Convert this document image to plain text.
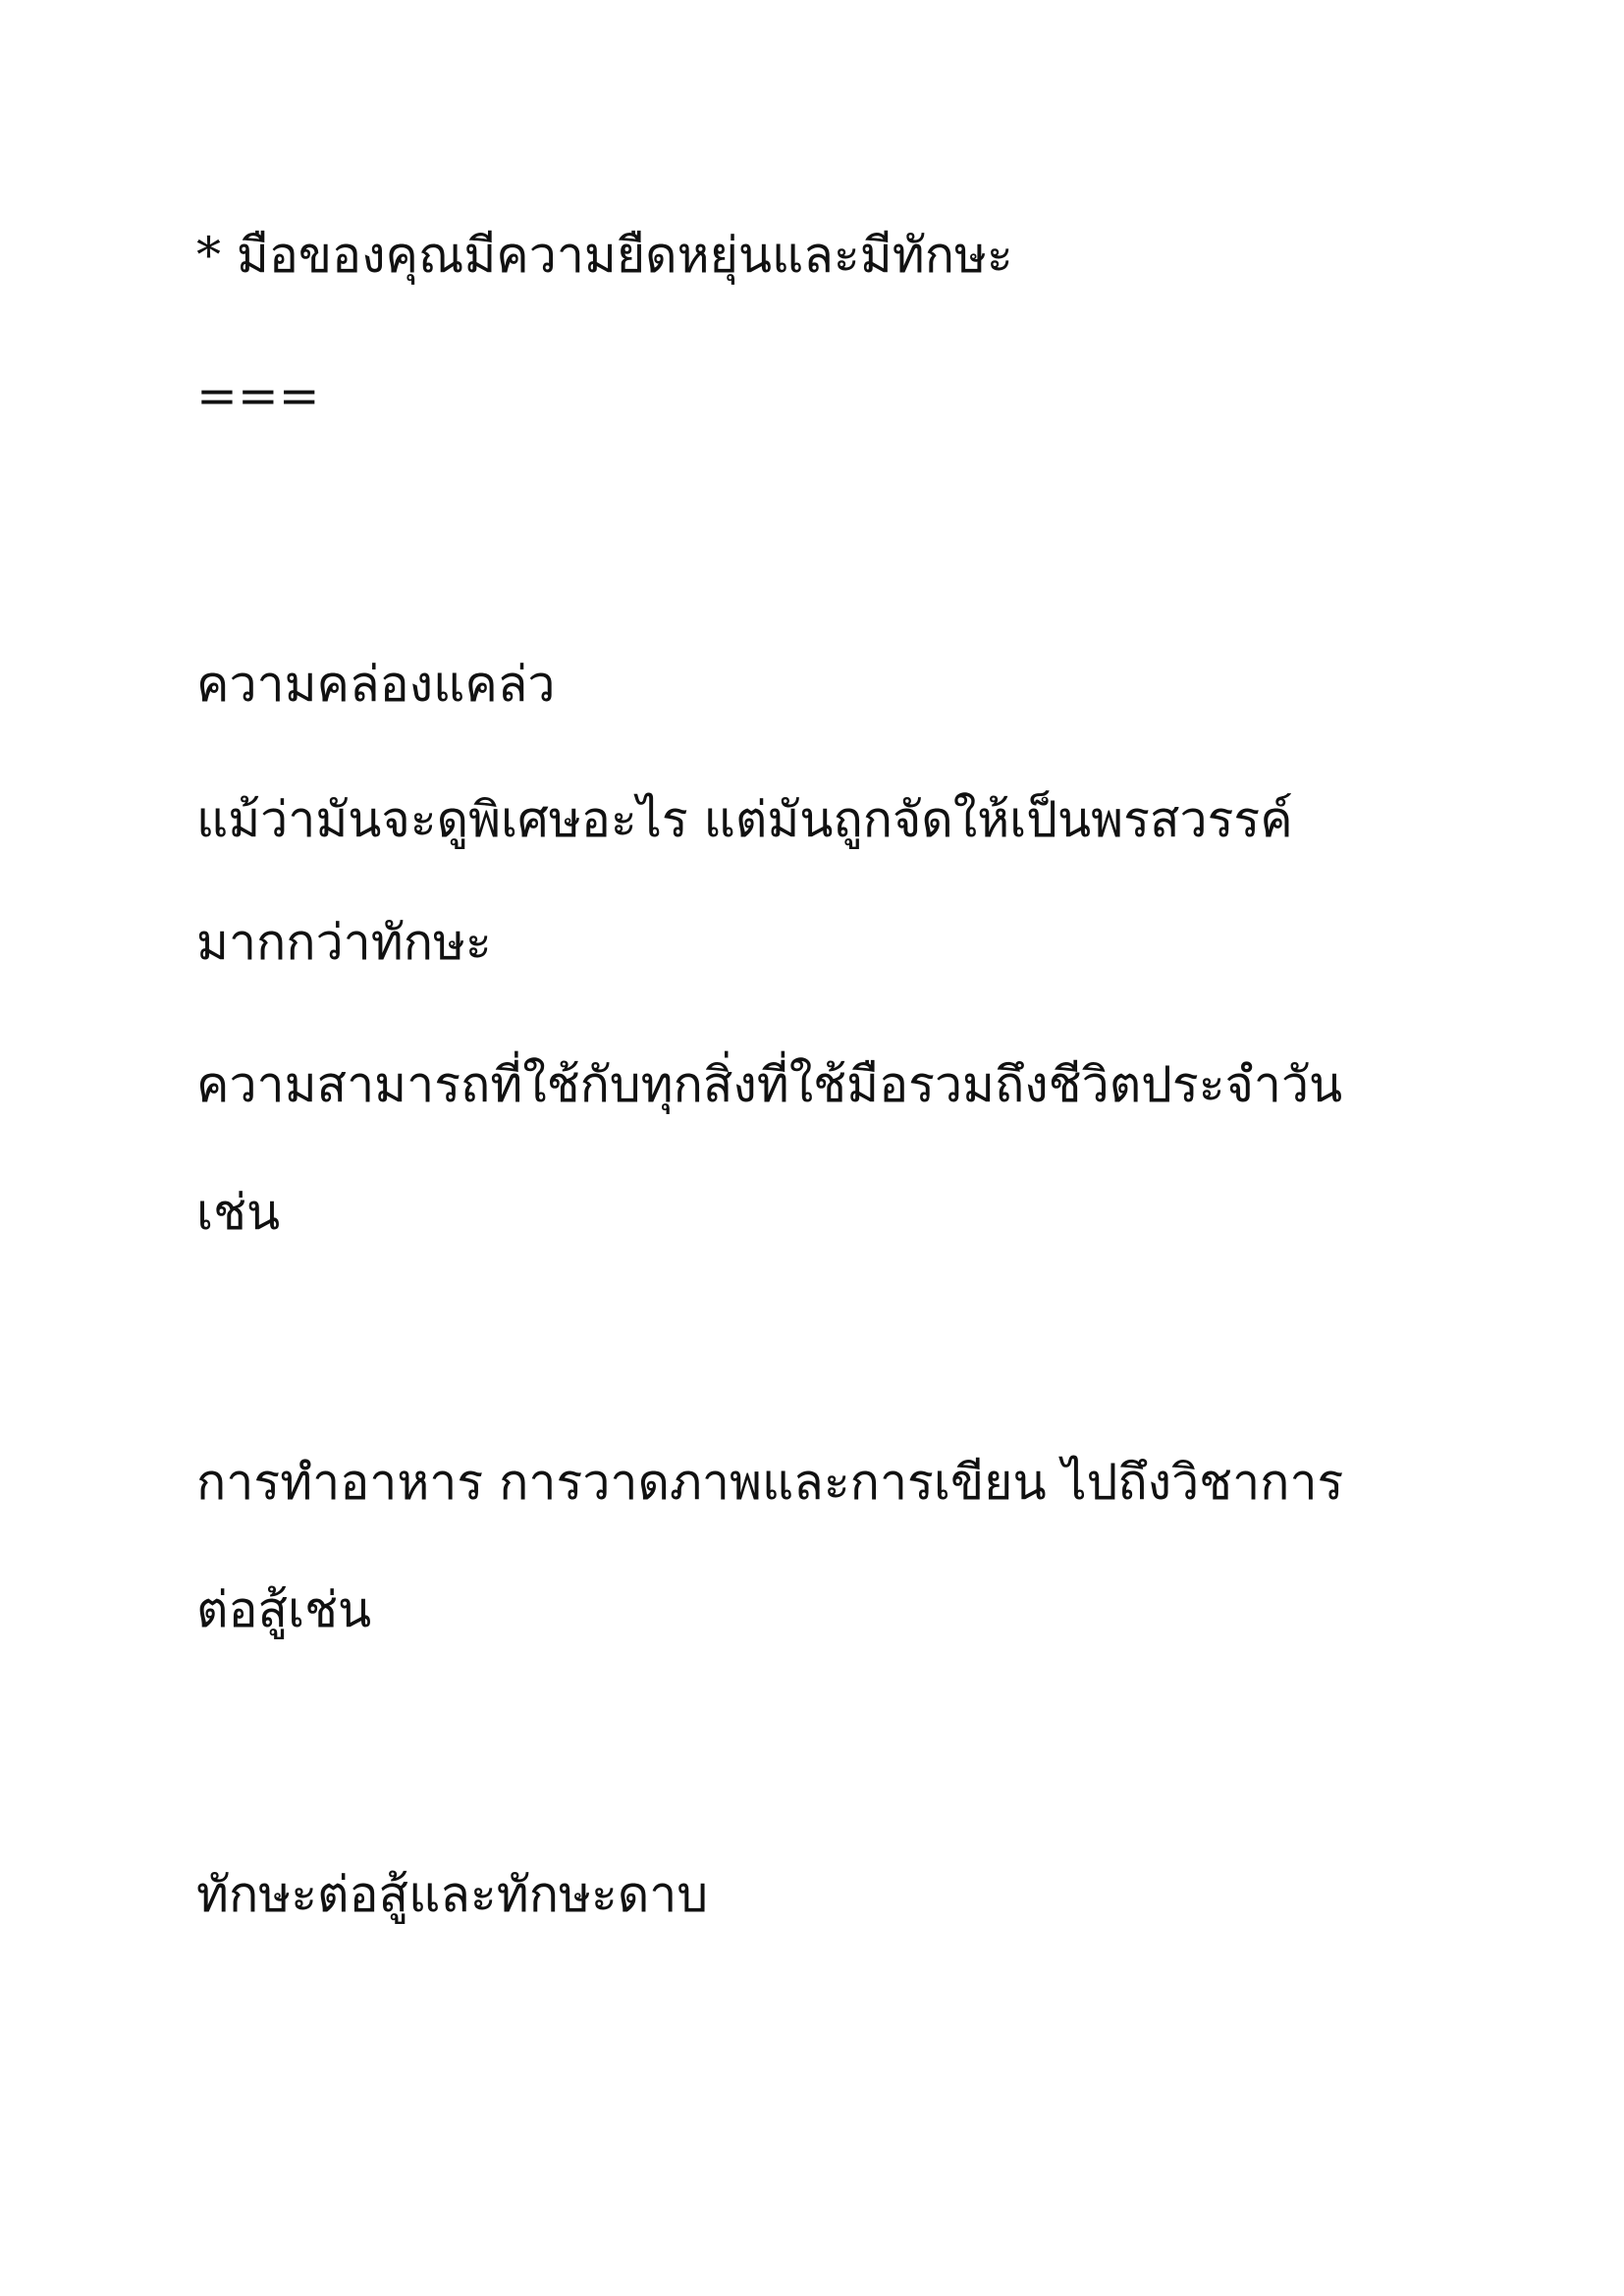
* มือของคุณมีความยืดหยุ่นและมีทักษะ

===

ความคล่องแคล่ว

แม้ว่ามันจะดูพิเศษอะไร แต่มันถูกจัดให้เป็นพรสวรรค์

มากกว่าทักษะ

ความสามารถที่ใช้กับทุกสิ่งที่ใช้มือรวมถึงชีวิตประจำวัน

เช่น

การทำอาหาร การวาดภาพและการเขียน ไปถึงวิชาการ

ต่อสู้เช่น

ทักษะต่อสู้และทักษะดาบ
